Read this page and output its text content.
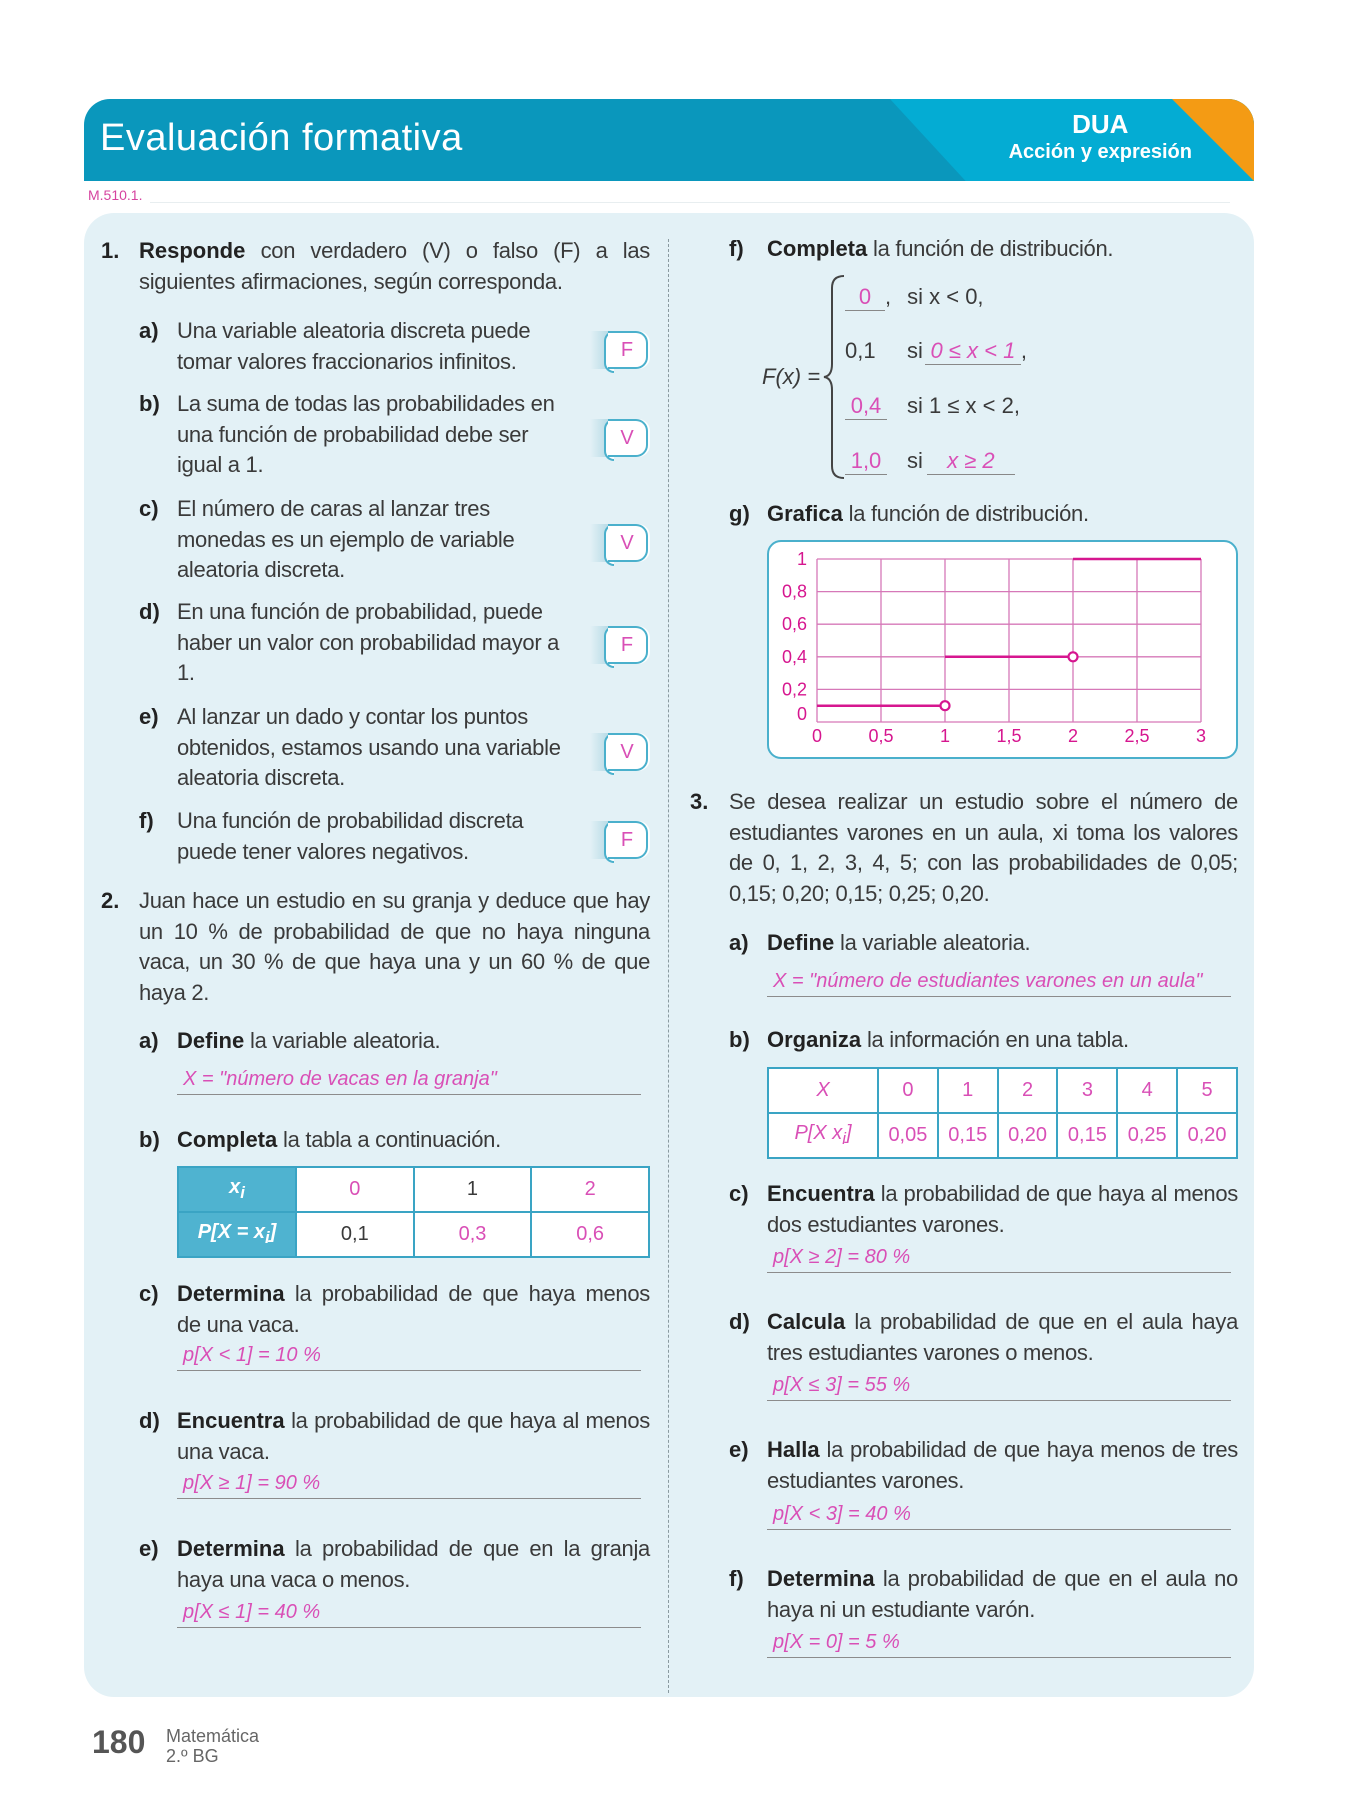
Evaluación formativa	DUA
Acción y expresión
M.510.1.
1. Responde con verdadero (V) o falso (F) a las siguientes afirmaciones, según corresponda.
a) Una variable aleatoria discreta puede tomar valores fraccionarios infinitos.	F
b) La suma de todas las probabilidades en una función de probabilidad debe ser igual a 1.
V
c) El número de caras al lanzar tres monedas es un ejemplo de variable aleatoria discreta.
V
d) En una función de probabilidad, puede haber un valor con probabilidad mayor a 1.
F
e) Al lanzar un dado y contar los puntos obtenidos, estamos usando una variable aleatoria discreta.
V
f)	Una función de probabilidad discreta puede tener valores negativos.	F
2. Juan hace un estudio en su granja y deduce que hay un 10 % de probabilidad de que no haya ninguna vaca, un 30 % de que haya una y un 60 % de que haya 2.
a) Define la variable aleatoria.
X = "número de vacas en la granja"
b) Completa la tabla a continuación.
$x_i$	0	1	2
$P[X = x_i]$	0,1	0,3	0,6
c) Determina la probabilidad de que haya menos de una vaca.
p[X < 1] = 10 %
d) Encuentra la probabilidad de que haya al menos una vaca.
p[X ≥ 1] = 90 %
e) Determina la probabilidad de que en la granja haya una vaca o menos.
p[X ≤ 1] = 40 %
f)	Completa la función de distribución.
F(x) =
0 , si x < 0,
0,1 si 0 ≤ x < 1 ,
0,4 si 1 ≤ x < 2,
1,0 si x ≥ 2
g) Grafica la función de distribución.
0	0,5	1	1,5	2	2,5	3
0
0,2
0,4
0,6
0,8
1
3. Se desea realizar un estudio sobre el número de estudiantes varones en un aula, xi toma los valores de 0, 1, 2, 3, 4, 5; con las probabilidades de 0,05; 0,15; 0,20; 0,15; 0,25; 0,20.
a) Define la variable aleatoria.
X = "número de estudiantes varones en un aula"
b) Organiza la información en una tabla.
X	0	1	2	3	4	5
P[X $x_i$]	0,05	0,15	0,20	0,15	0,25	0,20
c) Encuentra la probabilidad de que haya al menos dos estudiantes varones.
p[X ≥ 2] = 80 %
d) Calcula la probabilidad de que en el aula haya tres estudiantes varones o menos.
p[X ≤ 3] = 55 %
e) Halla la probabilidad de que haya menos de tres estudiantes varones.
p[X < 3] = 40 %
f)	Determina la probabilidad de que en el aula no haya ni un estudiante varón.
p[X = 0] = 5 %
180 Matemática
2.º BG
